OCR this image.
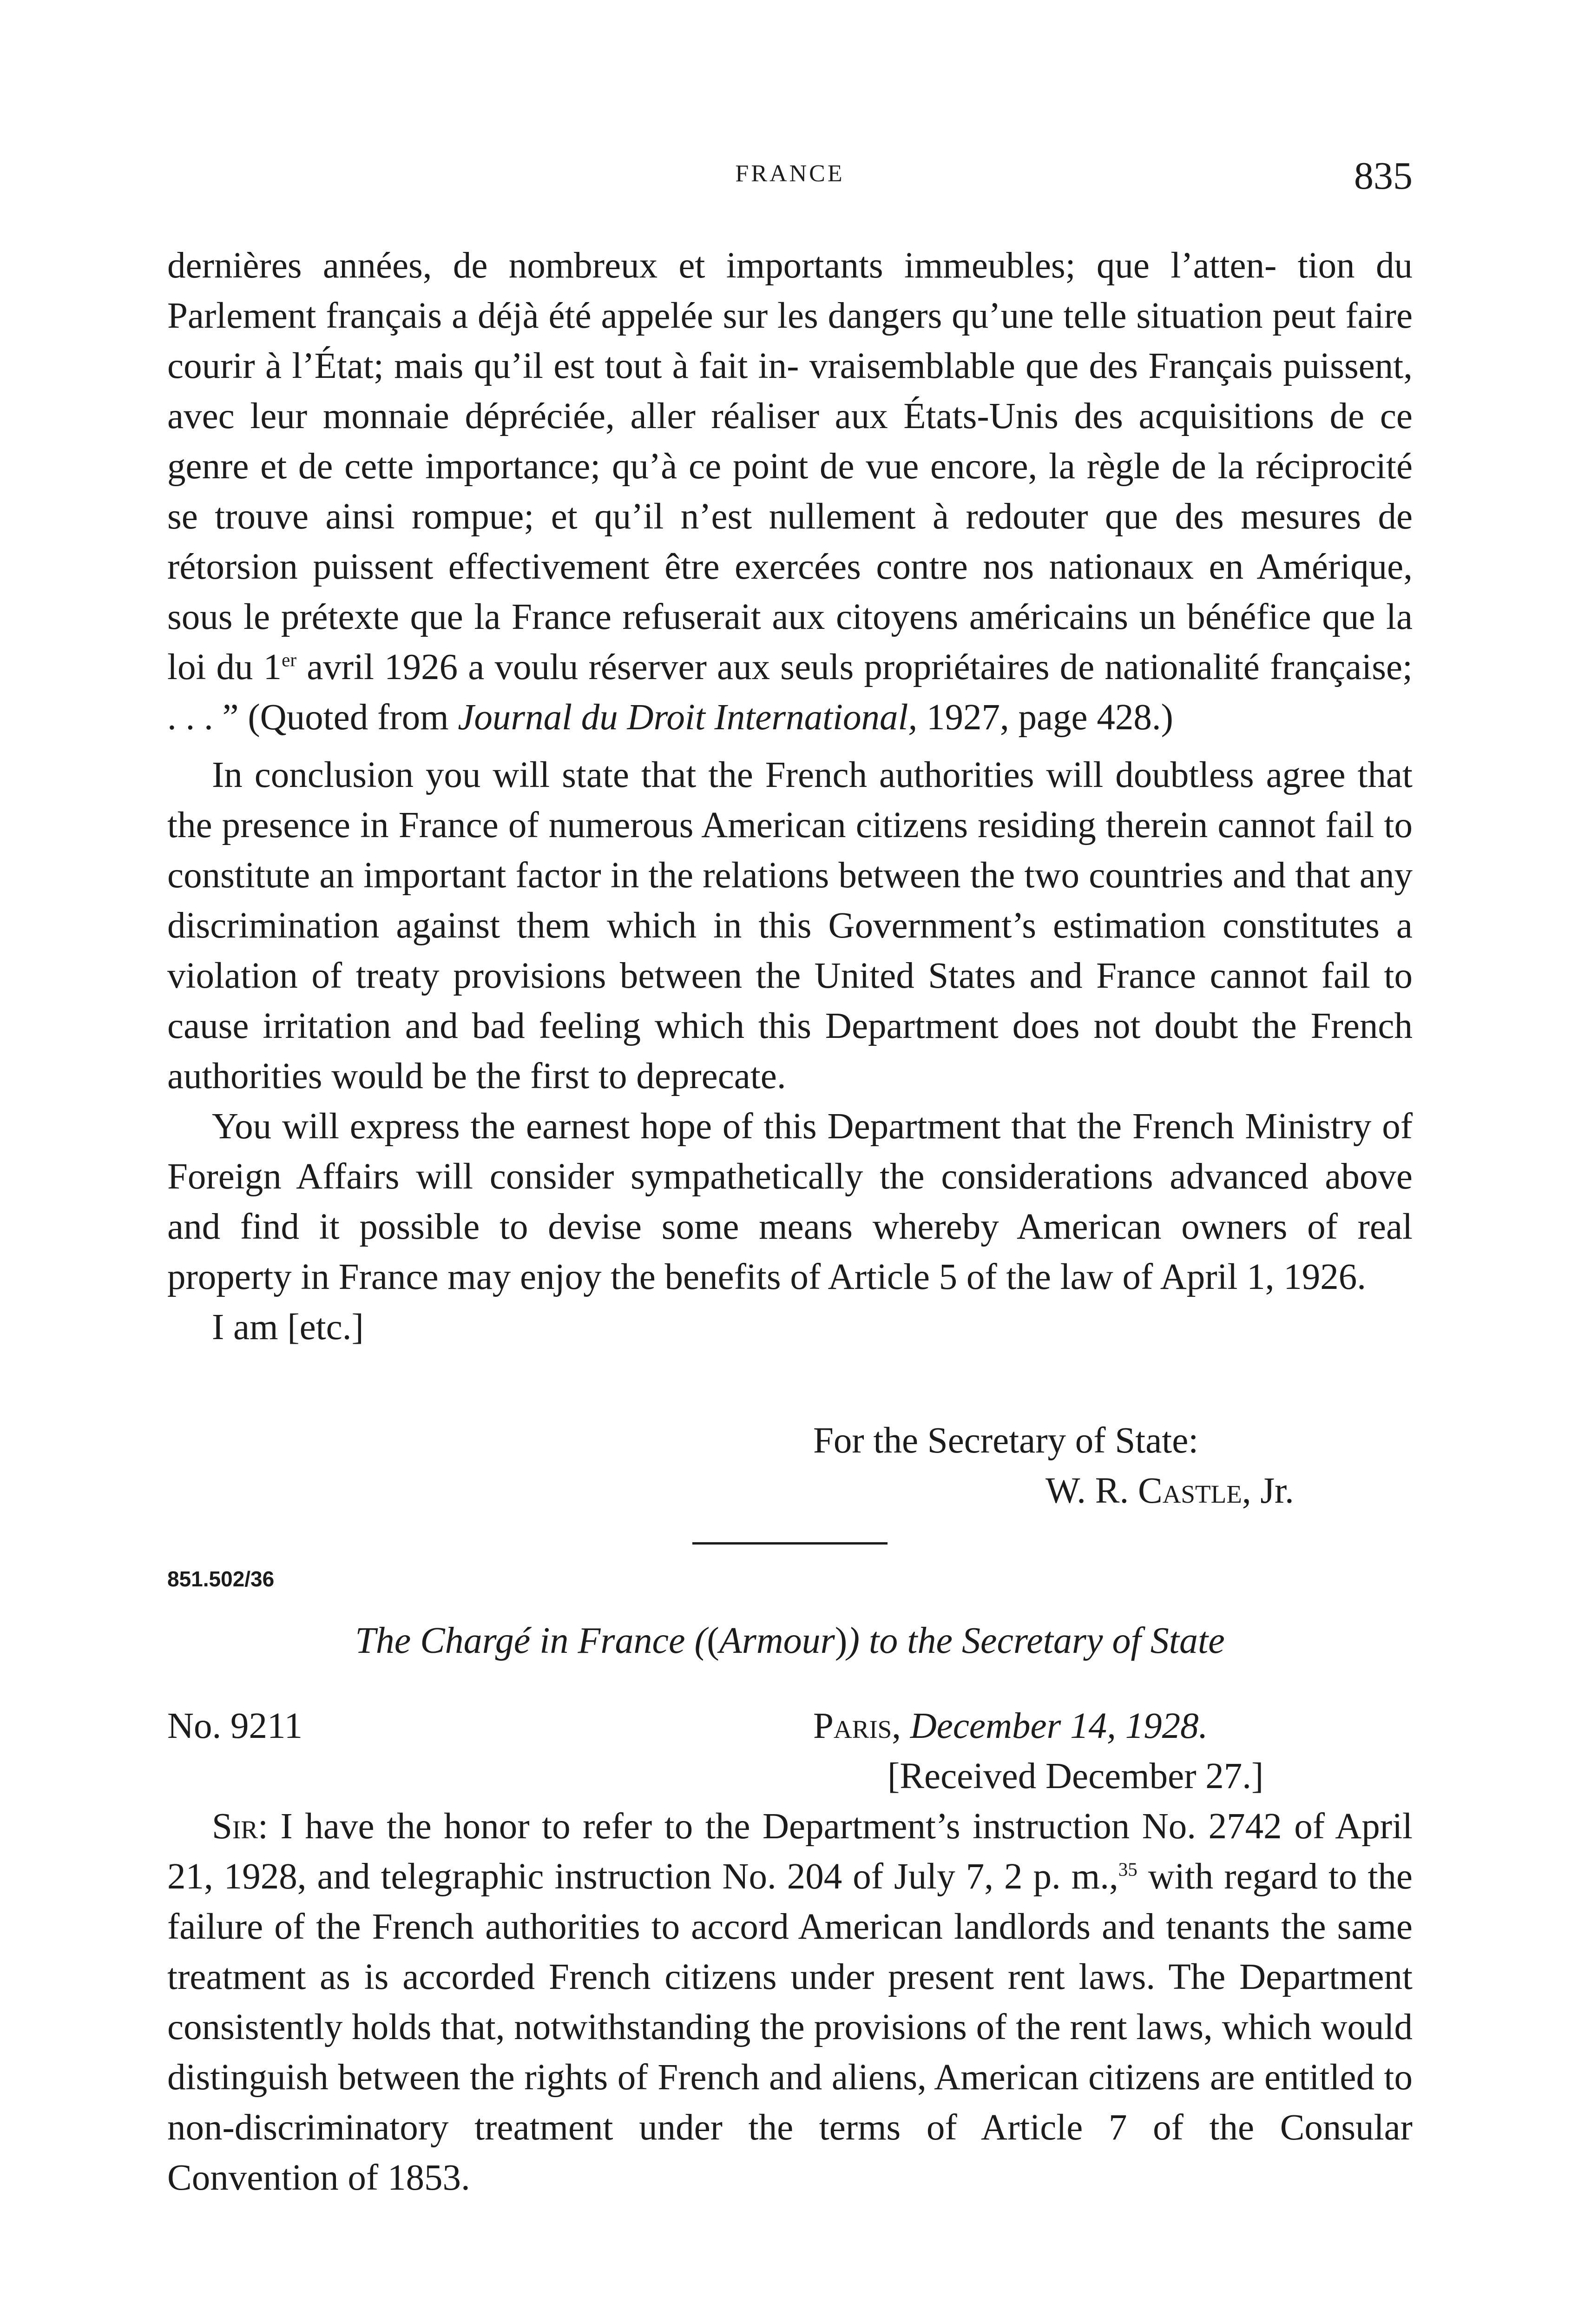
FRANCE	835

dernières années, de nombreux et importants immeubles; que l’atten- tion du Parlement français a déjà été appelée sur les dangers qu’une telle situation peut faire courir à l’État; mais qu’il est tout à fait in- vraisemblable que des Français puissent, avec leur monnaie dépréciée, aller réaliser aux États-Unis des acquisitions de ce genre et de cette importance; qu’à ce point de vue encore, la règle de la réciprocité se trouve ainsi rompue; et qu’il n’est nullement à redouter que des mesures de rétorsion puissent effectivement être exercées contre nos nationaux en Amérique, sous le prétexte que la France refuserait aux citoyens américains un bénéfice que la loi du 1er avril 1926 a voulu réserver aux seuls propriétaires de nationalité française; . . . ” (Quoted from Journal du Droit International, 1927, page 428.)

In conclusion you will state that the French authorities will doubtless agree that the presence in France of numerous American citizens residing therein cannot fail to constitute an important factor in the relations between the two countries and that any discrimination against them which in this Government’s estimation constitutes a violation of treaty provisions between the United States and France cannot fail to cause irritation and bad feeling which this Department does not doubt the French authorities would be the first to deprecate.

You will express the earnest hope of this Department that the French Ministry of Foreign Affairs will consider sympathetically the considerations advanced above and find it possible to devise some means whereby American owners of real property in France may enjoy the benefits of Article 5 of the law of April 1, 1926.

I am [etc.]

For the Secretary of State:
W. R. Castle, Jr.
851.502/36
The Chargé in France ((Armour)) to the Secretary of State
No. 9211	Paris, December 14, 1928.
[Received December 27.]

Sir: I have the honor to refer to the Department’s instruction No. 2742 of April 21, 1928, and telegraphic instruction No. 204 of July 7, 2 p. m.,$^{35}$ with regard to the failure of the French authorities to accord American landlords and tenants the same treatment as is accorded French citizens under present rent laws. The Department consistently holds that, notwithstanding the provisions of the rent laws, which would distinguish between the rights of French and aliens, American citizens are entitled to non-discriminatory treatment under the terms of Article 7 of the Consular Convention of 1853.
